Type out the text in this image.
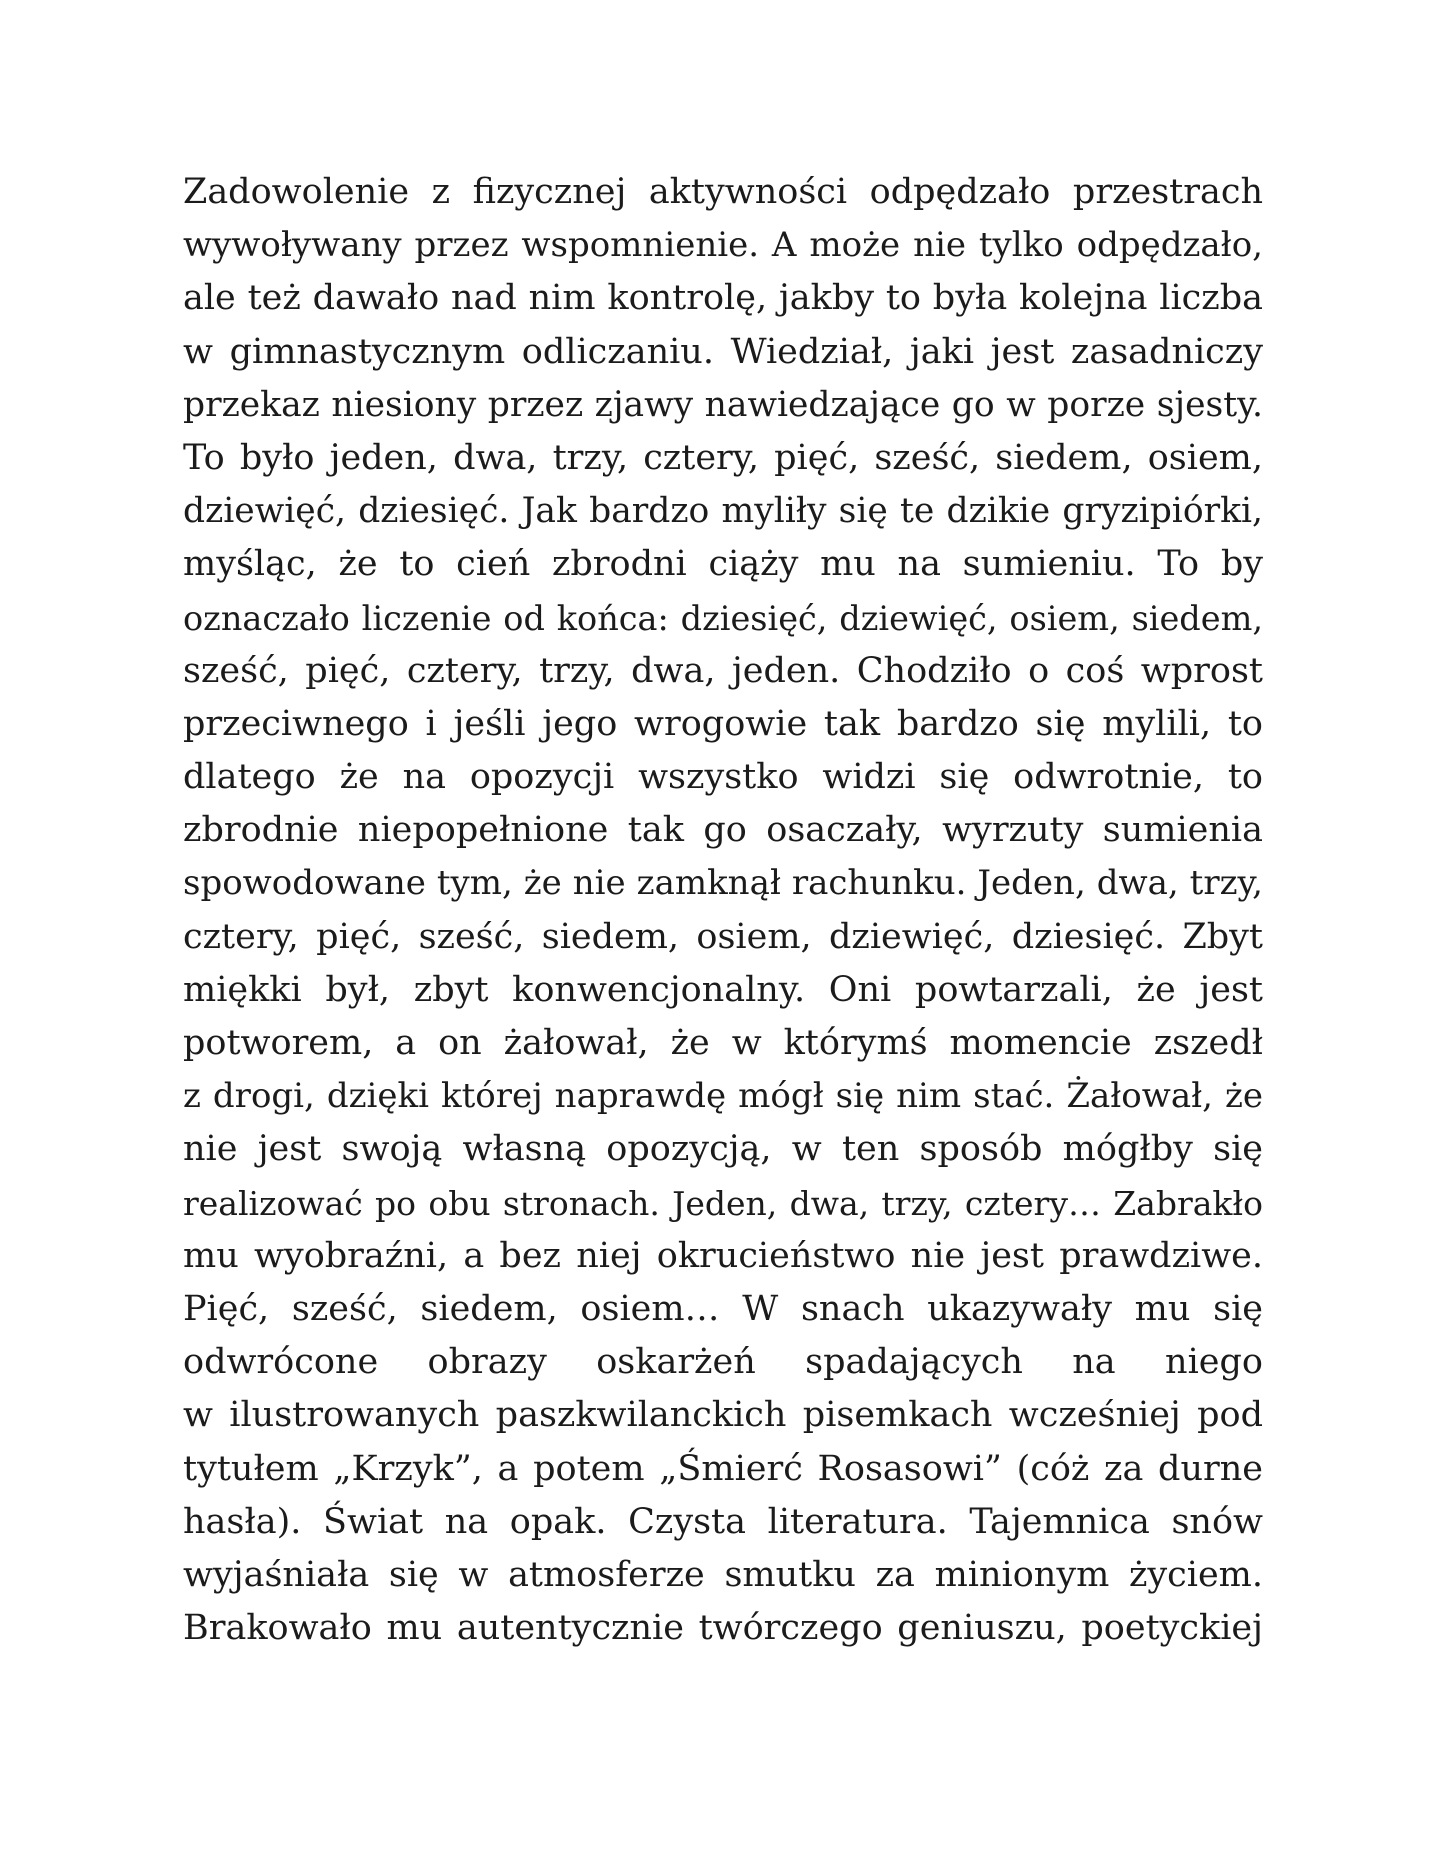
Zadowolenie z fizycznej aktywności odpędzało przestrach
wywoływany przez wspomnienie. A może nie tylko odpędzało,
ale też dawało nad nim kontrolę, jakby to była kolejna liczba
w gimnastycznym odliczaniu. Wiedział, jaki jest zasadniczy
przekaz niesiony przez zjawy nawiedzające go w porze sjesty.
To było jeden, dwa, trzy, cztery, pięć, sześć, siedem, osiem,
dziewięć, dziesięć. Jak bardzo myliły się te dzikie gryzipiórki,
myśląc, że to cień zbrodni ciąży mu na sumieniu. To by
oznaczało liczenie od końca: dziesięć, dziewięć, osiem, siedem,
sześć, pięć, cztery, trzy, dwa, jeden. Chodziło o coś wprost
przeciwnego i jeśli jego wrogowie tak bardzo się mylili, to
dlatego że na opozycji wszystko widzi się odwrotnie, to
zbrodnie niepopełnione tak go osaczały, wyrzuty sumienia
spowodowane tym, że nie zamknął rachunku. Jeden, dwa, trzy,
cztery, pięć, sześć, siedem, osiem, dziewięć, dziesięć. Zbyt
miękki był, zbyt konwencjonalny. Oni powtarzali, że jest
potworem, a on żałował, że w którymś momencie zszedł
z drogi, dzięki której naprawdę mógł się nim stać. Żałował, że
nie jest swoją własną opozycją, w ten sposób mógłby się
realizować po obu stronach. Jeden, dwa, trzy, cztery… Zabrakło
mu wyobraźni, a bez niej okrucieństwo nie jest prawdziwe.
Pięć, sześć, siedem, osiem… W snach ukazywały mu się
odwrócone obrazy oskarżeń spadających na niego
w ilustrowanych paszkwilanckich pisemkach wcześniej pod
tytułem „Krzyk”, a potem „Śmierć Rosasowi” (cóż za durne
hasła). Świat na opak. Czysta literatura. Tajemnica snów
wyjaśniała się w atmosferze smutku za minionym życiem.
Brakowało mu autentycznie twórczego geniuszu, poetyckiej
